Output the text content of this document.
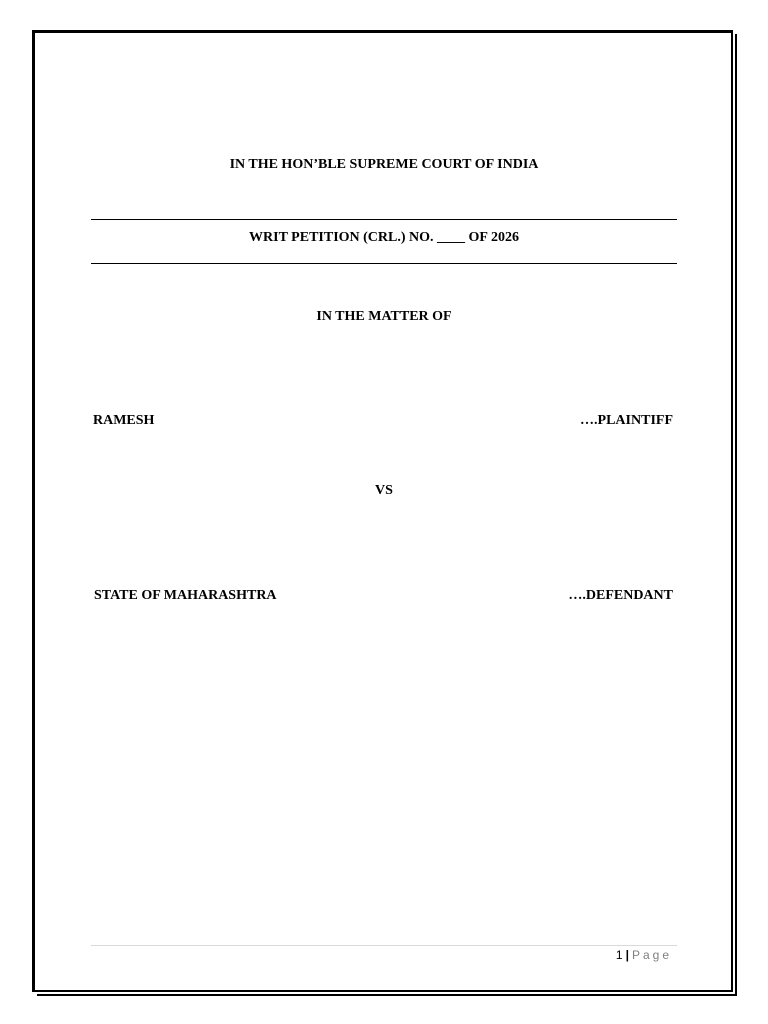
IN THE HON’BLE SUPREME COURT OF INDIA
WRIT PETITION (CRL.) NO. ____ OF 2026
IN THE MATTER OF
RAMESH	….PLAINTIFF
VS
STATE OF MAHARASHTRA	….DEFENDANT
1 | Page
